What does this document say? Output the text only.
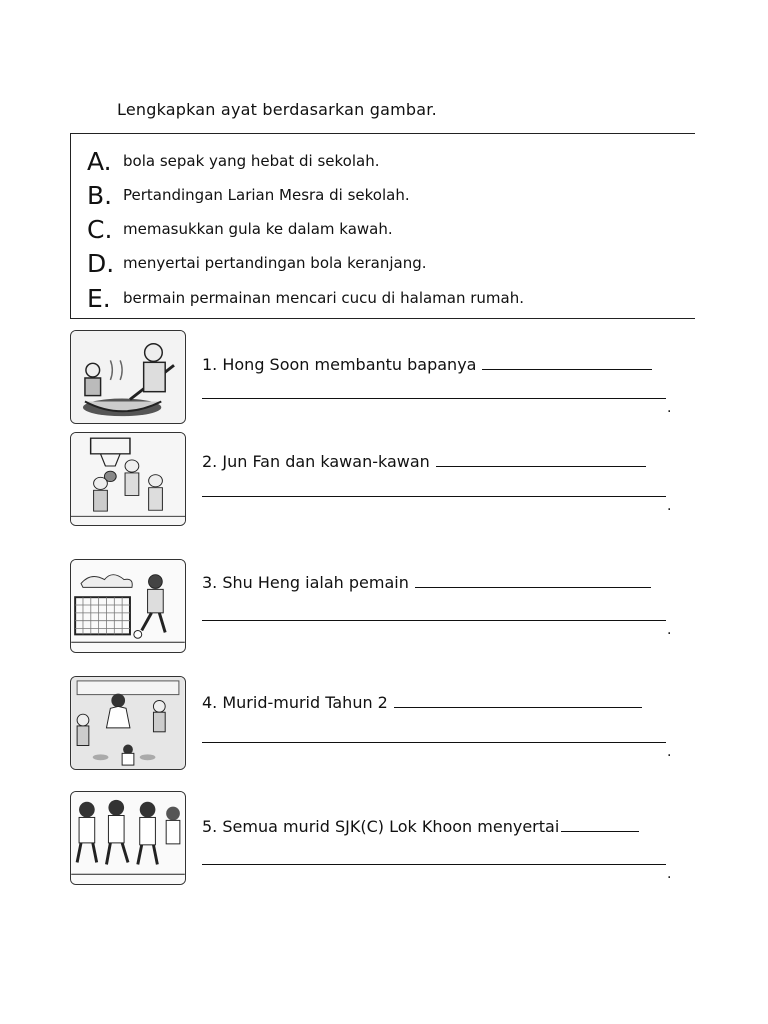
Lengkapkan ayat berdasarkan gambar.
A. bola sepak yang hebat di sekolah.
B. Pertandingan Larian Mesra di sekolah.
C. memasukkan gula ke dalam kawah.
D. menyertai pertandingan bola keranjang.
E. bermain permainan mencari cucu di halaman rumah.
1. Hong Soon membantu bapanya
.
2. Jun Fan dan kawan-kawan
.
3. Shu Heng ialah pemain
.
4. Murid-murid Tahun 2
.
5. Semua murid SJK(C) Lok Khoon menyertai
.
